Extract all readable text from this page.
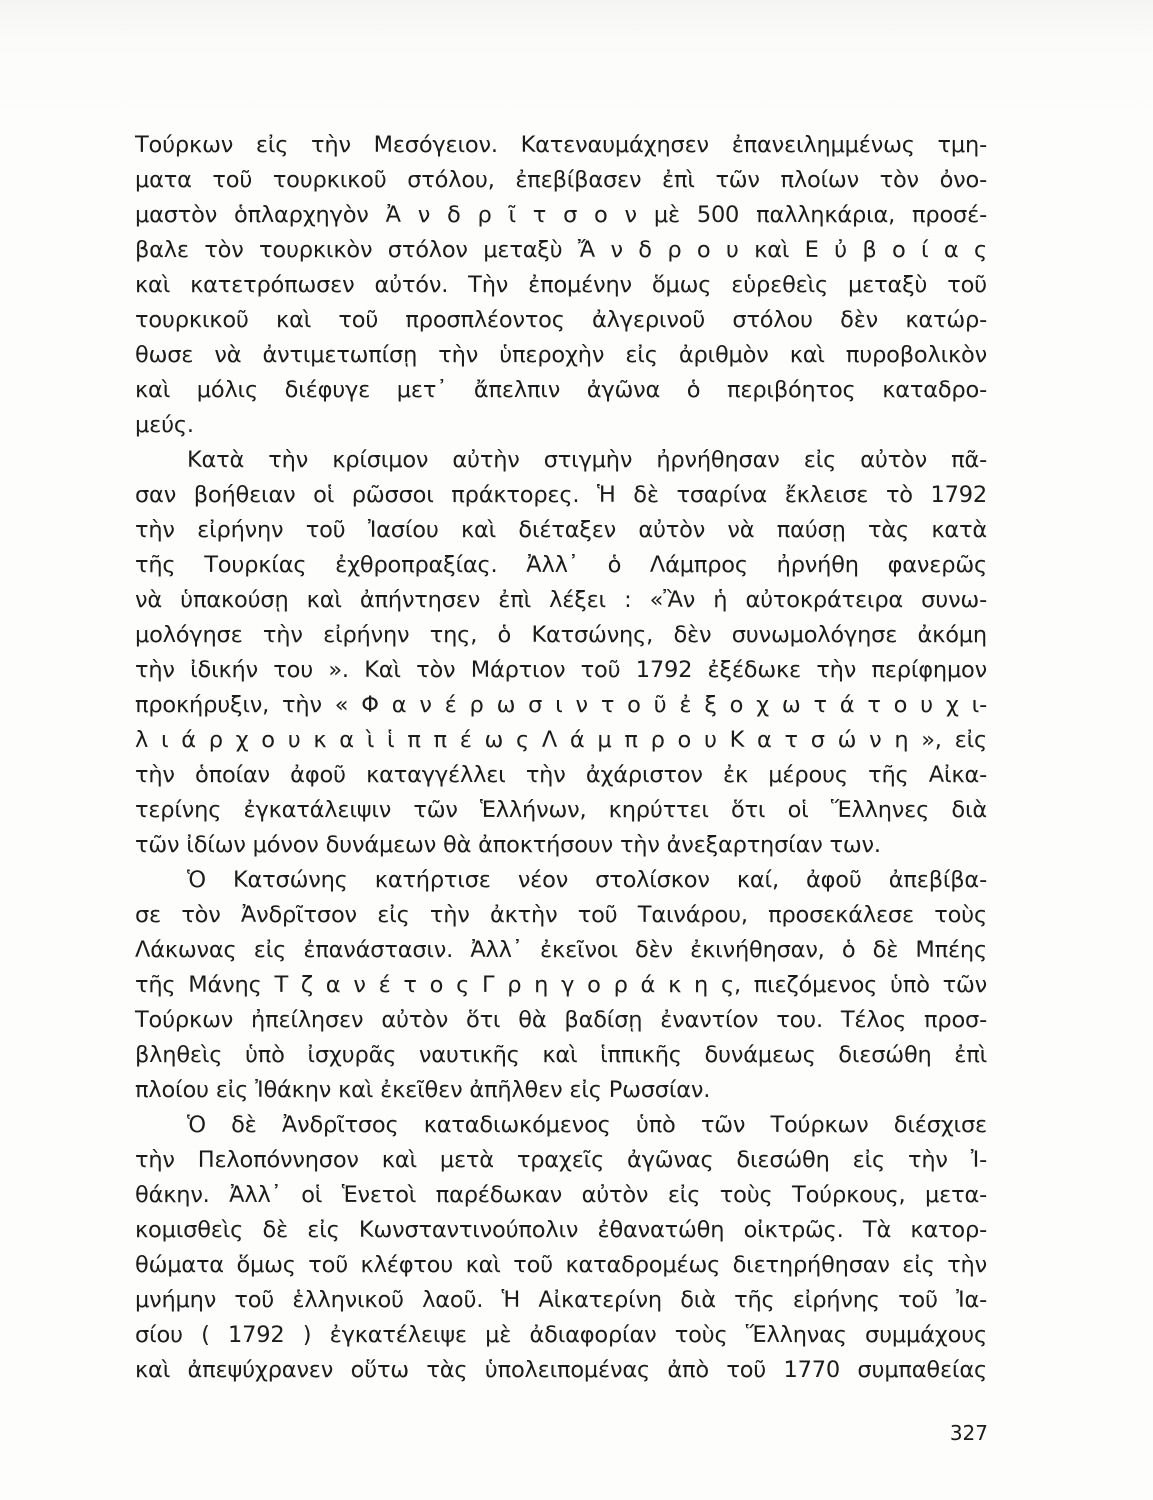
Τούρκων εἰς τὴν Μεσόγειον. Κατεναυμάχησεν ἐπανειλημμένως τμη-
ματα τοῦ τουρκικοῦ στόλου, ἐπεβίβασεν ἐπὶ τῶν πλοίων τὸν ὀνο-
μαστὸν ὁπλαρχηγὸν Ἀ ν δ ρ ῖ τ σ ο ν μὲ 500 παλληκάρια, προσέ-
βαλε τὸν τουρκικὸν στόλον μεταξὺ Ἄ ν δ ρ ο υ καὶ Ε ὐ β ο ί α ς
καὶ κατετρόπωσεν αὐτόν. Τὴν ἐπομένην ὅμως εὑρεθεὶς μεταξὺ τοῦ
τουρκικοῦ καὶ τοῦ προσπλέοντος ἀλγερινοῦ στόλου δὲν κατώρ-
θωσε νὰ ἀντιμετωπίσῃ τὴν ὑπεροχὴν εἰς ἀριθμὸν καὶ πυροβολικὸν
καὶ μόλις διέφυγε μετ᾽ ἄπελπιν ἀγῶνα ὁ περιβόητος καταδρο-
μεύς.
Κατὰ τὴν κρίσιμον αὐτὴν στιγμὴν ἠρνήθησαν εἰς αὐτὸν πᾶ-
σαν βοήθειαν οἱ ρῶσσοι πράκτορες. Ἡ δὲ τσαρίνα ἔκλεισε τὸ 1792
τὴν εἰρήνην τοῦ Ἰασίου καὶ διέταξεν αὐτὸν νὰ παύσῃ τὰς κατὰ
τῆς Τουρκίας ἐχθροπραξίας. Ἀλλ᾽ ὁ Λάμπρος ἠρνήθη φανερῶς
νὰ ὑπακούσῃ καὶ ἀπήντησεν ἐπὶ λέξει : «Ἂν ἡ αὐτοκράτειρα συνω-
μολόγησε τὴν εἰρήνην της, ὁ Κατσώνης, δὲν συνωμολόγησε ἀκόμη
τὴν ἰδικήν του ». Καὶ τὸν Μάρτιον τοῦ 1792 ἐξέδωκε τὴν περίφημον
προκήρυξιν, τὴν « Φ α ν έ ρ ω σ ι ν τ ο ῦ ἐ ξ ο χ ω τ ά τ ο υ χ ι-
λ ι ά ρ χ ο υ κ α ὶ ἱ π π έ ω ς Λ ά μ π ρ ο υ Κ α τ σ ώ ν η », εἰς
τὴν ὁποίαν ἀφοῦ καταγγέλλει τὴν ἀχάριστον ἐκ μέρους τῆς Αἰκα-
τερίνης ἐγκατάλειψιν τῶν Ἑλλήνων, κηρύττει ὅτι οἱ Ἕλληνες διὰ
τῶν ἰδίων μόνον δυνάμεων θὰ ἀποκτήσουν τὴν ἀνεξαρτησίαν των.
Ὁ Κατσώνης κατήρτισε νέον στολίσκον καί, ἀφοῦ ἀπεβίβα-
σε τὸν Ἀνδρῖτσον εἰς τὴν ἀκτὴν τοῦ Ταινάρου, προσεκάλεσε τοὺς
Λάκωνας εἰς ἐπανάστασιν. Ἀλλ᾽ ἐκεῖνοι δὲν ἐκινήθησαν, ὁ δὲ Μπέης
τῆς Μάνης Τ ζ α ν έ τ ο ς Γ ρ η γ ο ρ ά κ η ς, πιεζόμενος ὑπὸ τῶν
Τούρκων ἠπείλησεν αὐτὸν ὅτι θὰ βαδίσῃ ἐναντίον του. Τέλος προσ-
βληθεὶς ὑπὸ ἰσχυρᾶς ναυτικῆς καὶ ἱππικῆς δυνάμεως διεσώθη ἐπὶ
πλοίου εἰς Ἰθάκην καὶ ἐκεῖθεν ἀπῆλθεν εἰς Ρωσσίαν.
Ὁ δὲ Ἀνδρῖτσος καταδιωκόμενος ὑπὸ τῶν Τούρκων διέσχισε
τὴν Πελοπόννησον καὶ μετὰ τραχεῖς ἀγῶνας διεσώθη εἰς τὴν Ἰ-
θάκην. Ἀλλ᾽ οἱ Ἑνετοὶ παρέδωκαν αὐτὸν εἰς τοὺς Τούρκους, μετα-
κομισθεὶς δὲ εἰς Κωνσταντινούπολιν ἐθανατώθη οἰκτρῶς. Τὰ κατορ-
θώματα ὅμως τοῦ κλέφτου καὶ τοῦ καταδρομέως διετηρήθησαν εἰς τὴν
μνήμην τοῦ ἑλληνικοῦ λαοῦ. Ἡ Αἰκατερίνη διὰ τῆς εἰρήνης τοῦ Ἰα-
σίου ( 1792 ) ἐγκατέλειψε μὲ ἀδιαφορίαν τοὺς Ἕλληνας συμμάχους
καὶ ἀπεψύχρανεν οὕτω τὰς ὑπολειπομένας ἀπὸ τοῦ 1770 συμπαθείας
327
